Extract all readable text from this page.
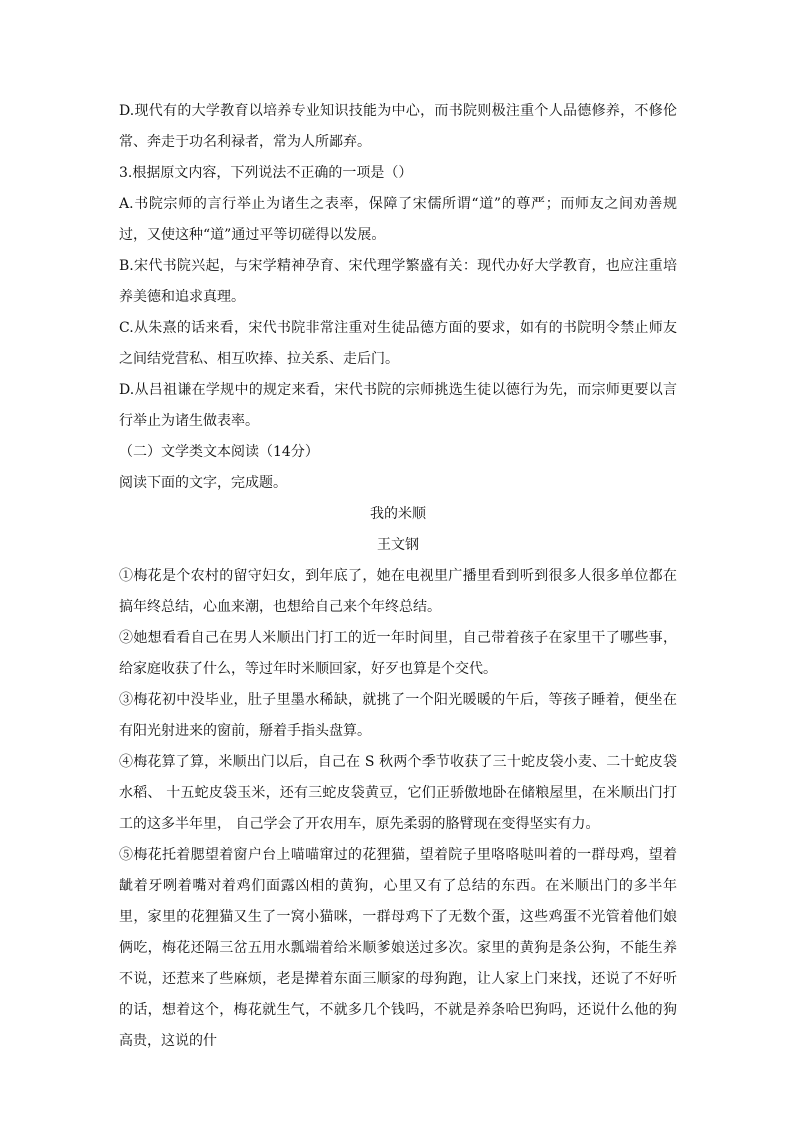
D.现代有的大学教育以培养专业知识技能为中心，而书院则极注重个人品德修养，不修伦常、奔走于功名利禄者，常为人所鄙弃。

3.根据原文内容，下列说法不正确的一项是（）

A.书院宗师的言行举止为诸生之表率，保障了宋儒所谓“道”的尊严；而师友之间劝善规过，又使这种“道”通过平等切磋得以发展。

B.宋代书院兴起，与宋学精神孕育、宋代理学繁盛有关：现代办好大学教育，也应注重培养美德和追求真理。

C.从朱熹的话来看，宋代书院非常注重对生徒品德方面的要求，如有的书院明令禁止师友之间结党营私、相互吹捧、拉关系、走后门。

D.从吕祖谦在学规中的规定来看，宋代书院的宗师挑选生徒以德行为先，而宗师更要以言行举止为诸生做表率。

（二）文学类文本阅读（14分）

阅读下面的文字，完成题。

我的米顺

王文钢

①梅花是个农村的留守妇女，到年底了，她在电视里广播里看到听到很多人很多单位都在搞年终总结，心血来潮，也想给自己来个年终总结。

②她想看看自己在男人米顺出门打工的近一年时间里，自己带着孩子在家里干了哪些事，给家庭收获了什么，等过年时米顺回家，好歹也算是个交代。

③梅花初中没毕业，肚子里墨水稀缺，就挑了一个阳光暖暖的午后，等孩子睡着，便坐在有阳光射进来的窗前，掰着手指头盘算。

④梅花算了算，米顺出门以后，自己在 S 秋两个季节收获了三十蛇皮袋小麦、二十蛇皮袋水稻、 十五蛇皮袋玉米，还有三蛇皮袋黄豆，它们正骄傲地卧在储粮屋里，在米顺出门打工的这多半年里， 自己学会了开农用车，原先柔弱的胳臂现在变得坚实有力。

⑤梅花托着腮望着窗户台上喵喵窜过的花狸猫，望着院子里咯咯哒叫着的一群母鸡，望着龇着牙咧着嘴对着鸡们面露凶相的黄狗，心里又有了总结的东西。在米顺出门的多半年里，家里的花狸猫又生了一窝小猫咪，一群母鸡下了无数个蛋，这些鸡蛋不光管着他们娘俩吃，梅花还隔三岔五用水瓢端着给米顺爹娘送过多次。家里的黄狗是条公狗，不能生养不说，还惹来了些麻烦，老是撵着东面三顺家的母狗跑，让人家上门来找，还说了不好听的话，想着这个，梅花就生气，不就多几个钱吗，不就是养条哈巴狗吗，还说什么他的狗高贵，这说的什
